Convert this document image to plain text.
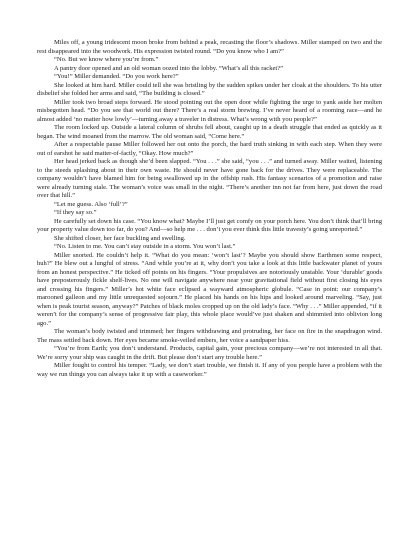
Miles off, a young iridescent moon broke from behind a peak, recasting the floor’s shadows. Miller stamped on two and the rest disappeared into the woodwork. His expression twisted round. “Do you know who I am?”

“No. But we know where you’re from.”

A pantry door opened and an old woman oozed into the lobby. “What’s all this racket?”

“You!” Miller demanded. “Do you work here?”

She looked at him hard. Miller could tell she was bristling by the sudden spikes under her cloak at the shoulders. To his utter disbelief she folded her arms and said, “The building is closed.”

Miller took two broad steps forward. He stood pointing out the open door while fighting the urge to yank aside her molten misbegotten head. “Do you see that world out there? There’s a real storm brewing. I’ve never heard of a rooming race—and he almost added ‘no matter how lowly’—turning away a traveler in distress. What’s wrong with you people?”

The room locked up. Outside a lateral column of shrubs fell about, caught up in a death struggle that ended as quickly as it began. The wind moaned from the marrow. The old woman said, “Come here.”

After a respectable pause Miller followed her out onto the porch, the hard truth sinking in with each step. When they were out of earshot he said matter-of-factly, “Okay. How much?”

Her head jerked back as though she’d been slapped. “You . . .” she said, “you . . .” and turned away. Miller waited, listening to the steeds splashing about in their own waste. He should never have gone back for the drives. They were replaceable. The company wouldn’t have blamed him for being swallowed up in the offship rush. His fantasy scenarios of a promotion and raise were already turning stale. The woman’s voice was small in the night. “There’s another inn not far from here, just down the road over that hill.”

“Let me guess. Also ‘full’?”

“If they say so.”

He carefully set down his case. “You know what? Maybe I’ll just get comfy on your porch here. You don’t think that’ll bring your property value down too far, do you? And—so help me . . . don’t you ever think this little travesty’s going unreported.”

She shifted closer, her face buckling and swelling.

“No. Listen to me. You can’t stay outside in a storm. You won’t last.”

Miller snorted. He couldn’t help it. “What do you mean: ‘won’t last’? Maybe you should show Earthmen some respect, huh?” He blew out a lungful of stress. “And while you’re at it, why don’t you take a look at this little backwater planet of yours from an honest perspective.” He ticked off points on his fingers. “Your propulsives are notoriously unstable. Your ‘durable’ goods have preposterously fickle shelf-lives. No one will navigate anywhere near your gravitational field without first closing his eyes and crossing his fingers.” Miller’s hot white face eclipsed a wayward atmospheric globule. “Case in point: our company’s marooned galleon and my little unrequested sojourn.” He placed his hands on his hips and looked around marveling. “Say, just when is peak tourist season, anyway?” Patches of black moles cropped up on the old lady’s face. “Why . . .” Miller appended, “if it weren’t for the company’s sense of progressive fair play, this whole place would’ve just shaken and shimmied into oblivion long ago.”

The woman’s body twisted and trimmed; her fingers withdrawing and protruding, her face on fire in the snapdragon wind. The mass settled back down. Her eyes became smoke-veiled embers, her voice a sandpaper hiss.

“You’re from Earth; you don’t understand. Products, capital gain, your precious company—we’re not interested in all that. We’re sorry your ship was caught in the drift. But please don’t start any trouble here.”

Miller fought to control his temper. “Lady, we don’t start trouble, we finish it. If any of you people have a problem with the way we run things you can always take it up with a caseworker.”
